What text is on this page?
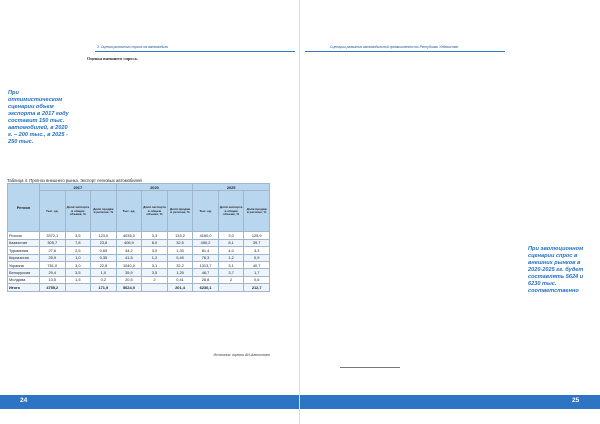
3. Оценка рыночного спроса на автомобили
При оптимистическом сценарии объем экспорта в 2017 году составит 150 тыс. автомобилей, в 2020 г. – 200 тыс., в 2025 - 250 тыс.

Оценка внешнего спроса.

Таблица 4. Прогноз внешнего рынка. Экспорт легковых автомобилей
Регион	2017			2020			2025		
	Тыс. ед.	Доля экспорта в общем объеме, %	Доля продаж в регионе, %	Тыс. ед.	Доля экспорта в общем объеме, %	Доля продаж в регионе, %	Тыс. ед.	Доля экспорта в общем объеме, %	Доля продаж в регионе, %
Россия	3372,1	3,5	123,0	4035,0	3,3	133,2	4160,0	3,0	125,9
Казахстан	305,7	7,8	23,8	406,9	8,0	32,5	490,2	8,1	39,7
Туркмения	27,6	2,5	0,69	44,2	3,0	1,33	81,4	4,0	3,3
Киргизстан	25,9	1,0	0,35	41,5	1,2	0,49	76,3	1,2	0,9
Украина	781,0	3,0	22,8	1040,0	3,1	32,2	1313,7	3,1	40,7
Белоруссия	29,4	3,5	1,0	35,9	3,5	1,25	46,7	3,7	1,7
Молдова	13,5	1,5	0,2	20,5	2	0,41	28,8	2	0,6
Итого	4755,2		171,9	5624,0		201,4	6230,1		212,7
Источник: оценки АИ-Автостат
24
Сценарии развития автомобильной промышленности Республики Узбекистан
При эволюционном сценарии спрос в внешних рынков в 2020-2025 гг. будет составлять 5624 и 6230 тыс. соответственно
25
